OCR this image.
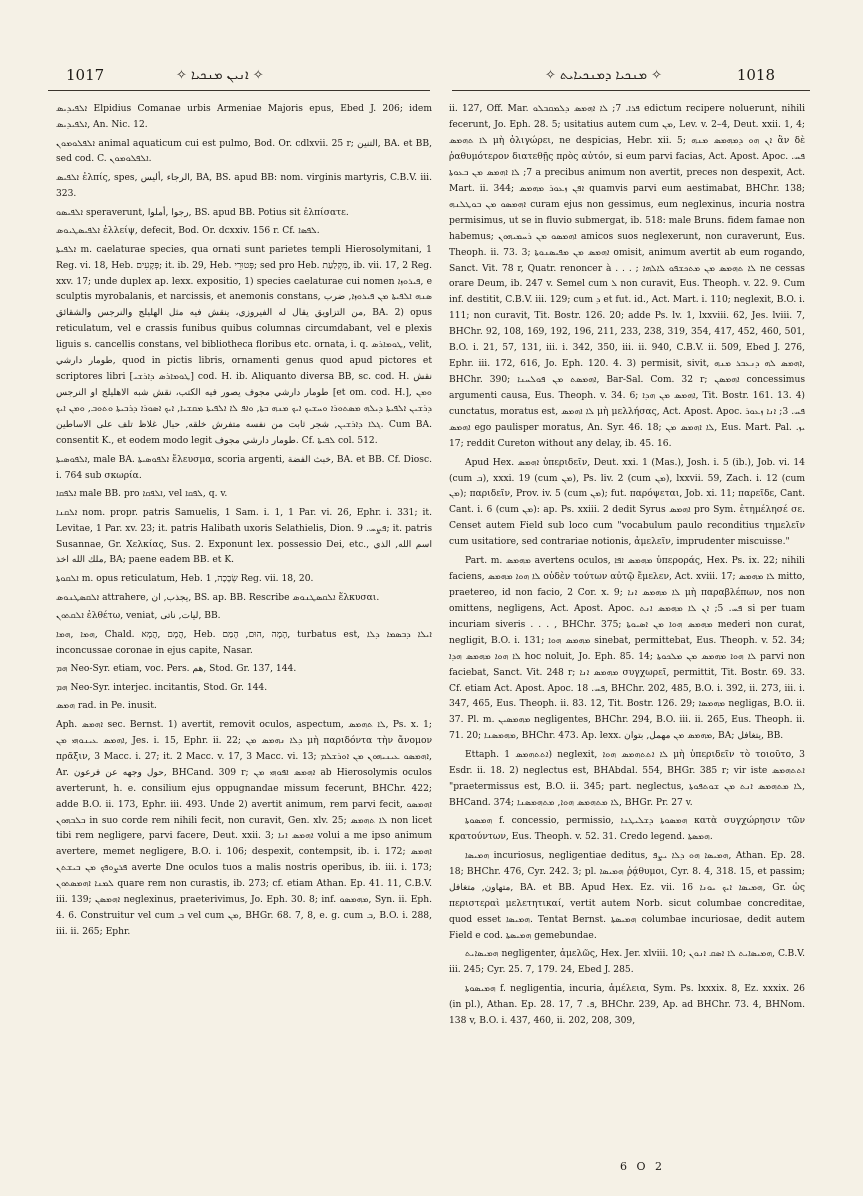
1017	✧ ܐܢܝܢ ܡܢܟܝܐ ✧	✧ ܡܢܟܝܐ ܕܡܢܟܝܐܝܬ ✧	1018

ܐܠܦܝܕܝܣ Elpidius Comanae urbis Armeniae Majoris epus, Ebed J. 206; idem ܐܠܦܝܕܝܣ, An. Nic. 12.

ܐܠܦܠܘܡܘܢ animal aquaticum cui est pulmo, Bod. Or. cdlxvii. 25 r; التنين, BA. et BB, sed cod. C. ܐܠܦܠܘܡܘܢ.

ܐܠܦܝܣ ἐλπίς, spes, الرجاء ,أليس, BA, BS. apud BB: nom. virginis martyris, C.B.V. iii. 323.

ܐܠܦܝܣܘ speraverunt, رجوا ,أملوا, BS. apud BB. Potius sit ἐλπίσατε.

ܐܠܦܝܣܛܝܘܣ ἐλλείψ, defecit, Bod. Or. dcxxiv. 156 r. Cf. ܠܦܣܐ.

ܐܠܦܝܬܐ m. caelaturae species, qua ornati sunt parietes templi Hierosolymitani, 1 Reg. vi. 18, Heb. פְּקָעִים; it. ib. 29, Heb. פְּטוּרֵי; sed pro Heb. מִקְלַעַת, ib. vii. 17, 2 Reg. xxv. 17; unde duplex ap. lexx. expositio, 1) species caelaturae cui nomen ܦܝܪܘܙܐ, e sculptis myrobalanis, et narcissis, et anemonis constans, ܣܢܗ ܐܠܦܝܬܐ ܡܢ ܦܝܪܘܙܐ, ضرب من التزاويق يقال له الفيروزي، ينقش فيه مثل الهليلج والنرجس والشقائق, BA. 2) opus reticulatum, vel e crassis funibus quibus columnas circumdabant, vel e plexis liguis s. cancellis constans, vel bibliotheca floribus etc. ornata, i. q. ܛܘܡܐܪܣ, velit, طومار دارشي, quod in pictis libris, ornamenti genus quod apud pictores et scriptores libri [ܛܘܡܐܪܣ ܕܐܪܫܝ] cod. H. ib. Aliquanto diversa BB, sc. cod. H. نقش طومار دارشي مجوف يصور فيه الكتب، نقش شبه الاهليلج او النرجس [et om. cod. H.], ܘܡܢ ܕܪܫܝܢ ܐܠܦܝܬܐ ܕܝܠܗ ܡܣܬܘܪܐ ܘܚܫܝܟ ܐܝܟ ܡܢܗ ܒܬܐ, ܘܐܦ ܠܐ ܐܠܦܝܬܐ ܡܩܫܝܐ, ܐܝܟ ܐܣܘܪܐ ܕܪܒܝܬܐ ܘܬܘܒ, ܘܡܢ ܐܝܟ ܓܠܐ ܕܐܪܫܝܢ, شجر ثابت من نفسه متفرش خلقه, حبال غلاظ تلف على الاساطين. Cum BA. consentit K., et eodem modo legit طومار دارشي مجوف. Cf. ܠܦܝܬܐ col. 512.

ܐܠܦܘܣܝܬܐ, male BA. ܐܠܦܘܣܝܬܐ ἔλευσμα, scoria argenti, خبث الفضة, BA. et BB. Cf. Diosc. i. 764 sub σκωρία.

ܐܠܦܩܐ male BB. pro ܐܠܦܩܐ, vel ܠܦܩܐ, q. v.

ܐܠܩܢܐ nom. propr. patris Samuelis, 1 Sam. i. 1, 1 Par. vi. 26, Ephr. i. 331; it. Levitae, 1 Par. xv. 23; it. patris Halibath uxoris Selathielis, Dion. ܦܨܚ. 9; it. patris Susannae, Gr. Χελκίας, Sus. 2. Exponunt lex. possessio Dei, etc., اسم الله, الذي ملك الله اخذ, BA; paene eadem BB. et K.

ܐܠܩܘܬܐ m. opus reticulatum, Heb. שְׂבָכָה, 1 Reg. vii. 18, 20.

ܐܠܩܣܛܢܘܣ attrahere, يجذب, ان, BS. ap. BB. Rescribe ܐܠܩܣܛܢܘܣ ἕλκυσαι.

ܐܠܩܬܘܢ ἐλθέτω, veniat, ليات, ناتى, BB.

ܗܡܐ ,ܗܡܐ, Chald. הֲמָם ,הֲמָא, Heb. הָמָה ,הוּם, הָמַם, turbatus est, ܐܝܠܐ ܕܒܣܡܐ ܕܠܐ inconcussae coronae in ejus capite, Nasar.

ܗܡ Neo-Syr. etiam, voc. Pers. هم, Stod. Gr. 137, 144.

ܗܡ Neo-Syr. interjec. incitantis, Stod. Gr. 144.

ܗܡܣ rad. in Pe. inusit.

Aph. ܐܗܡܣ sec. Bernst. 1) avertit, removit oculos, aspectum, ܠܐ ܬܗܡܣ, Ps. x. 1; ܐܗܡܣ ܥܝܢܘܗܝ ܡܢ, Jes. i. 15, Ephr. ii. 22; ܕܠܐ ܢܗܡܣ ܡܢ μὴ παριδόντα τὴν ἄνομον πρᾶξιν, 3 Macc. i. 27; it. 2 Macc. v. 17, 3 Macc. vi. 13; ܐܗܡܣܘ ܥܝܢܝܗܘܢ ܡܢ ܐܘܪܫܠܡ, Ar. حول وجهه عن فرعون, BHCand. 309 r; ܐܗܡܣ ܐܦܘܗܝ ܡܢ ab Hierosolymis oculos averterunt, h. e. consilium ejus oppugnandae missum fecerunt, BHChr. 422; adde B.O. ii. 173, Ephr. iii. 493. Unde 2) avertit animum, rem parvi fecit, ܐܗܡܣܘ ܒܠܒܗܘܢ in suo corde rem nihili fecit, non curavit, Gen. xlv. 25; ܠܐ ܬܗܡܣ non licet tibi rem negligere, parvi facere, Deut. xxii. 3; ܐܗܡܣ ܐܢܐ volui a me ipso animum avertere, memet negligere, B.O. i. 106; despexit, contempsit, ib. i. 172; ܐܗܡܣ ܦܪܨܘܦܟ ܡܢ ܒܝܫܬܢ averte Dne oculos tuos a malis nostris operibus, ib. iii. i. 173; ܠܡܢܐ ܐܗܡܣܬܘܢ quare rem non curastis, ib. 273; cf. etiam Athan. Ep. 41. 11, C.B.V. iii. 139; ܐܗܡܣܢ neglexinus, praeterivimus, Jo. Eph. 30. 8; inf. ܡܗܡܣܘ, Syn. ii. Eph. 4. 6. Construitur vel cum ܒ vel cum ܡܢ, BHGr. 68. 7, 8, e. g. cum ܒ, B.O. i. 288, iii. ii. 265; Ephr.

ii. 127, Off. Mar. ܦܪܐ. 7; ܠܐ ܐܗܡܣ ܕܠܡܩܒܠܘ edictum recipere noluerunt, nihili fecerunt, Jo. Eph. 28. 5; usitatius autem cum ܡܢ, Lev. v. 2–4, Deut. xxii. 1, 4; ܠܐ ܬܗܡܣ μὴ ὀλιγώρει, ne despicias, Hebr. xii. 5; ܐܢ ܗܘ ܕܡܗܡܣ ܡܢܗ ἂν δὲ ῥαθυμότερον διατεθῇς πρὸς αὐτόν, si eum parvi facias, Act. Apost. Apoc. ܦܚ. 7; ܠܐ ܐܗܡܣ ܡܢ ܒܥܘܬܐ a precibus animum non avertit, preces non despexit, Act. Mart. ii. 344; ܐܦܢ ܙܥܘܪ ܡܗܡܣ quamvis parvi eum aestimabat, BHChr. 138; ܐܗܡܣܘ ܡܢ ܒܘܛܠܢܗ curam ejus non gessimus, eum neglexinus, incuria nostra permisimus, ut se in fluvio submergat, ib. 518: male Bruns. fidem famae non habemus; ܐܗܡܣܘ ܡܢ ܪܚܡܝܗܘܢ amicos suos neglexerunt, non curaverunt, Eus. Theoph. ii. 73. 3; ܐܗܡܣ ܡܢ ܡܦܝܣܢܘܬܐ omisit, animum avertit ab eum rogando, Sanct. Vit. 78 r, Quatr. renoncer à . . . ; ܠܐ ܬܗܡܣ ܡܢ ܡܬܟܫܦܘ ܠܐܠܗܐ ne cessas orare Deum, ib. 247 v. Semel cum ܠ non curavit, Eus. Theoph. v. 22. 9. Cum inf. destitit, C.B.V. iii. 129; cum ܕ et fut. id., Act. Mart. i. 110; neglexit, B.O. i. 111; non curavit, Tit. Bostr. 126. 20; adde Ps. lv. 1, lxxviii. 62, Jes. lviii. 7, BHChr. 92, 108, 169, 192, 196, 211, 233, 238, 319, 354, 417, 452, 460, 501, B.O. i. 21, 57, 131, iii. i. 342, 350, iii. ii. 940, C.B.V. ii. 509, Ebed J. 276, Ephr. iii. 172, 616, Jo. Eph. 120. 4. 3) permisit, sivit, ܐܗܡܣ ܠܗ ܕܢܥܒܪ ܡܢܗ, BHChr. 390; ܐܗܡܣܬ ܡܢ ܦܘܠܚܢܐ, Bar-Sal. Com. 32 r; ܐܗܡܣܢ concessimus argumenti causa, Eus. Theoph. v. 34. 6; ܐܗܡܣ ܡܢ ܗܕܐ, Tit. Bostr. 161. 13. 4) cunctatus, moratus est, ܠܐ ܐܗܡܣ μὴ μελλήσας, Act. Apost. Apoc. ܦܚ. 3; ܐܢܐ ܙܥܘܪ ܐܗܡܣ ego paulisper moratus, An. Syr. 46. 18; ܠܐ ܐܗܡܣ ܡܢ, Eus. Mart. Pal. ܝܙ. 17; reddit Cureton without any delay, ib. 45. 16.

Apud Hex. ܐܗܡܣ ὑπεριδεῖν, Deut. xxi. 1 (Mas.), Josh. i. 5 (ib.), Job. vi. 14 (cum ܒ), xxxi. 19 (cum ܡܢ), Ps. liv. 2 (cum ܡܢ), lxxvii. 59, Zach. i. 12 (cum ܡܢ); παριδεῖν, Prov. iv. 5 (cum ܡܢ); fut. παρόψεται, Job. xi. 11; παρεῖδε, Cant. Cant. i. 6 (cum ܡܢ): ap. Ps. xxiii. 2 dedit Syrus ܐܗܡܣ pro Sym. ἐτημέλησέ σε. Censet autem Field sub loco cum "vocabulum paulo reconditius τημελεῖν cum usitatiore, sed contrariae notionis, ἀμελεῖν, imprudenter miscuisse."

Part. m. ܡܗܡܣ avertens oculos, ܡܗܡܣ ܐܦܐ ὑπεροράς, Hex. Ps. ix. 22; nihili faciens, ܠܐ ܗܘܐ ܡܗܡܣ οὐδὲν τούτων αὐτῷ ἔμελεν, Act. xviii. 17; ܠܐ ܡܗܡܣ mitto, praetereo, id non facio, 2 Cor. x. 9; ܠܐ ܡܗܡܣ ܐܢܐ μὴ παραβλέπων, nos non omittens, negligens, Act. Apost. Apoc. ܦܚ. 5; ܐܢ ܠܐ ܡܗܡܣ ܐܢܬ si per tuam incuriam siveris . . . , BHChr. 375; ܡܗܡܣ ܗܘܐ ܡܢ ܐܣܝܘܬܐ mederi non curat, negligit, B.O. i. 131; ܡܗܡܣ ܗܘܐ sinebat, permittebat, Eus. Theoph. v. 52. 34; ܠܐ ܗܘܐ ܡܗܡܣ ܗܕܐ hoc noluit, Jo. Eph. 85. 14; ܠܐ ܗܘܐ ܡܗܡܣ ܡܢ ܡܠܟܘܬܐ parvi non faciebat, Sanct. Vit. 248 r; ܡܗܡܣ ܐܢܐ συγχωρεῖ, permittit, Tit. Bostr. 69. 33. Cf. etiam Act. Apost. Apoc. ܦܚ. 18, BHChr. 202, 485, B.O. i. 392, ii. 273, iii. i. 347, 465, Eus. Theoph. ii. 83. 12, Tit. Bostr. 126. 29; ܡܗܡܣܐ negligas, B.O. ii. 37. Pl. m. ܡܗܡܣܝܢ negligentes, BHChr. 294, B.O. iii. ii. 265, Eus. Theoph. ii. 71. 20; ܡܗܡܣܢܐ, BHChr. 473. Ap. lexx. ܡܗܡܣ ܡܢ مهمل, بتوان, BA; يتغافل, BB.

Ettaph. ܐܬܬܗܡܣ 1) neglexit, ܠܐ ܐܬܬܗܡܣ ܗܘܐ μὴ ὑπεριδεῖν τὸ τοιοῦτο, 3 Esdr. ii. 18. 2) neglectus est, BHAbdal. 554, BHGr. 385 r; vir iste ܐܬܬܗܡܣ "praetermissus est, B.O. ii. 345; part. neglectus, ܠܐ ܡܬܗܡܣ ܐܢܬ ܡܢ ܫܘܬܦܘܬܐ, BHCand. 374; ܠܐ ܡܬܗܡܣ ܗܘܐ, ܡܬܗܡܣܢܐ, BHGr. Pr. 27 v.

ܗܡܣܘܬܐ f. concessio, permissio, ܗܡܣܘܬܐ ܕܫܠܝܛܢܐ κατὰ συγχώρησιν τῶν κρατούντων, Eus. Theoph. v. 52. 31. Credo legend. ܗܡܣܬܐ.

ܗܡܝܣܐ incuriosus, negligentiae deditus, ܗܡܝܣܐ ܗܘ ܕܠܐ ܝܨܦ, Athan. Ep. 28. 18; BHChr. 476, Cyr. 242. 3; pl. ܗܡܝܣܐ ῥᾴθυμοι, Cyr. 8. 4, 318. 15, et passim; متهاون, متغافل, BA. et BB. Apud Hex. Ez. vii. 16 ܗܡܝܣܐ ܐܝܟ ܝܘܢܐ, Gr. ὡς περιστεραὶ μελετητικαί, vertit autem Norb. sicut columbae concreditae, quod esset ܗܡܝܣܐ. Tentat Bernst. ܗܡܝܣܬܐ columbae incuriosae, dedit autem Field e cod. ܗܡܝܣܬܐ gemebundae.

ܗܡܝܣܐܝܬ negligenter, ἀμελῶς, Hex. Jer. xlviii. 10; ܗܡܝܣܐܝܬ ܠܐ ܐܣܩ ܐܢܘܢ, C.B.V. iii. 245; Cyr. 25. 7, 179. 24, Ebed J. 285.

ܗܡܝܣܘܬܐ f. negligentia, incuria, ἀμέλεια, Sym. Ps. lxxxix. 8, Ez. xxxix. 26 (in pl.), Athan. Ep. 28. 17, ܦ. 7, BHChr. 239, Ap. ad BHChr. 73. 4, BHNom. 138 v, B.O. i. 437, 460, ii. 202, 208, 309,

6 O 2
